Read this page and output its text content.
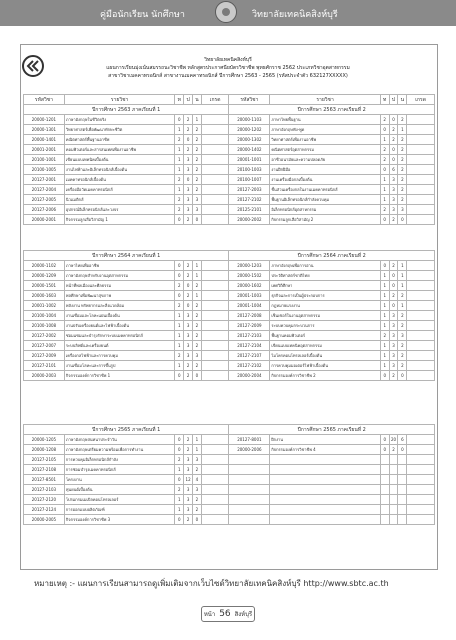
คู่มือนักเรียน นักศึกษา	วิทยาลัยเทคนิคสิงห์บุรี
วิทยาลัยเทคนิคสิงห์บุรี
แผนการเรียนมุ่งเน้นสมรรถนะวิชาชีพ หลักสูตรประกาศนียบัตรวิชาชีพ พุทธศักราช 2562 ประเภทวิชาอุตสาหกรรม
สาขาวิชาเมคคาทรอนิกส์ สาขางานเมคคาทรอนิกส์ ปีการศึกษา 2563 - 2565 (รหัสประจำตัว 632127XXXXX)
รหัสวิชา	รายวิชา	ท	ป	น	เกรด	รหัสวิชา	รายวิชา	ท	ป	น	เกรด
ปีการศึกษา 2563 ภาคเรียนที่ 1						ปีการศึกษา 2563 ภาคเรียนที่ 2					
20000-1201	ภาษาอังกฤษในชีวิตจริง	0	2	1		20000-1103	ภาษาไทยพื้นฐาน	2	0	2	
20000-1301	วิทยาศาสตร์เพื่อพัฒนาทักษะชีวิต	1	2	2		20000-1202	ภาษาอังกฤษฟัง-พูด	0	2	1	
20000-1401	คณิตศาสตร์พื้นฐานอาชีพ	2	0	2		20000-1302	วิทยาศาสตร์เพื่องานอาชีพ	1	2	2	
20001-2001	คอมพิวเตอร์และสารสนเทศเพื่องานอาชีพ	1	2	2		20000-1402	คณิตศาสตร์อุตสาหกรรม	2	0	2	
20100-1001	เขียนแบบเทคนิคเบื้องต้น	1	3	2		20001-1001	อาชีวอนามัยและความปลอดภัย	2	0	2	
20100-1005	งานไฟฟ้าและอิเล็กทรอนิกส์เบื้องต้น	1	3	2		20100-1003	งานฝึกฝีมือ	0	6	2	
20127-2001	เมคคาทรอนิกส์เบื้องต้น	2	0	2		20100-1007	งานเครื่องมือกลเบื้องต้น	1	3	2	
20127-2004	เครื่องมือวัดเมคคาทรอนิกส์	1	3	2		20127-2003	ชิ้นส่วนเครื่องกลในงานเมคคาทรอนิกส์	1	3	2	
20127-2005	นิวแมติกส์	2	3	3		20127-2102	พื้นฐานอิเล็กทรอนิกส์กำลังควบคุม	1	3	2	
20127-2006	อุปกรณ์อิเล็กทรอนิกส์และวงจร	2	3	3		20125-2101	อิเล็กทรอนิกส์อุตสาหกรรม	2	3	3	
20000-2001	กิจกรรมลูกเสือวิสามัญ 1	0	2	0		20000-2002	กิจกรรมลูกเสือวิสามัญ 2	0	2	0	
ปีการศึกษา 2564 ภาคเรียนที่ 1						ปีการศึกษา 2564 ภาคเรียนที่ 2					
20000-1102	ภาษาไทยเพื่ออาชีพ	0	2	1		20000-1203	ภาษาอังกฤษเพื่อการอ่าน	0	2	1	
20000-1209	ภาษาอังกฤษสำหรับงานอุตสาหกรรม	0	2	1		20000-1502	ประวัติศาสตร์ชาติไทย	1	0	1	
20000-1501	หน้าที่พลเมืองและศีลธรรม	2	0	2		20000-1602	เพศวิถีศึกษา	1	0	1	
20000-1603	พลศึกษาเพื่อพัฒนาสุขภาพ	0	2	1		20001-1003	ธุรกิจและการเป็นผู้ประกอบการ	1	2	2	
20001-1002	พลังงาน ทรัพยากรและสิ่งแวดล้อม	2	0	2		20001-1004	กฎหมายแรงงาน	1	0	1	
20100-1004	งานเชื่อมและโลหะแผ่นเบื้องต้น	1	3	2		20127-2008	เซ็นเซอร์ในงานอุตสาหกรรม	1	3	2	
20100-1008	งานปรับเครื่องยนต์และไฟฟ้าเบื้องต้น	1	3	2		20127-2009	ระบบควบคุมกระบวนการ	1	3	2	
20127-2002	ซ่อมแซมและบำรุงรักษาระบบเมคคาทรอนิกส์	1	3	2		20127-2103	พื้นฐานคอมพิวเตอร์	2	3	3	
20127-2007	ระบบลิฟต์และเครื่องยนต์	1	3	2		20127-2104	เขียนแบบเทคนิคอุตสาหกรรม	1	3	2	
20127-2009	เครื่องกลไฟฟ้าและการควบคุม	2	3	3		20127-2107	ไมโครคอนโทรลเลอร์เบื้องต้น	1	3	2	
20127-2101	งานเชื่อมโลหะและการขึ้นรูป	1	2	2		20127-2102	การควบคุมมอเตอร์ไฟฟ้าเบื้องต้น	1	3	2	
20000-2003	กิจกรรมองค์การวิชาชีพ 1	0	2	0		20000-2004	กิจกรรมองค์การวิชาชีพ 2	0	2	0	
ปีการศึกษา 2565 ภาคเรียนที่ 1						ปีการศึกษา 2565 ภาคเรียนที่ 2					
20000-1205	ภาษาอังกฤษสนทนาประจำวัน	0	2	1		20127-8001	ฝึกงาน	0	20	6	
20000-1208	ภาษาอังกฤษเตรียมความพร้อมเพื่อการทำงาน	0	2	1		20000-2006	กิจกรรมองค์การวิชาชีพ 4	0	2	0	
20127-2105	การควบคุมอิเล็กทรอนิกส์กำลัง	2	3	3							
20127-2108	การซ่อมบำรุงเมคคาทรอนิกส์	1	3	2							
20127-8501	โครงงาน	0	12	4							
20127-2103	หุ่นยนต์เบื้องต้น	2	3	3							
20127-2120	โปรแกรมเมเบิลคอนโทรลเลอร์	1	3	2							
20127-2124	การออกแบบผลิตภัณฑ์	1	3	2							
20000-2005	กิจกรรมองค์การวิชาชีพ 3	0	2	0							
หมายเหตุ :- แผนการเรียนสามารถดูเพิ่มเติมจากเว็บไซด์วิทยาลัยเทคนิคสิงห์บุรี http://www.sbtc.ac.th
หน้า 56 สิงห์บุรี
